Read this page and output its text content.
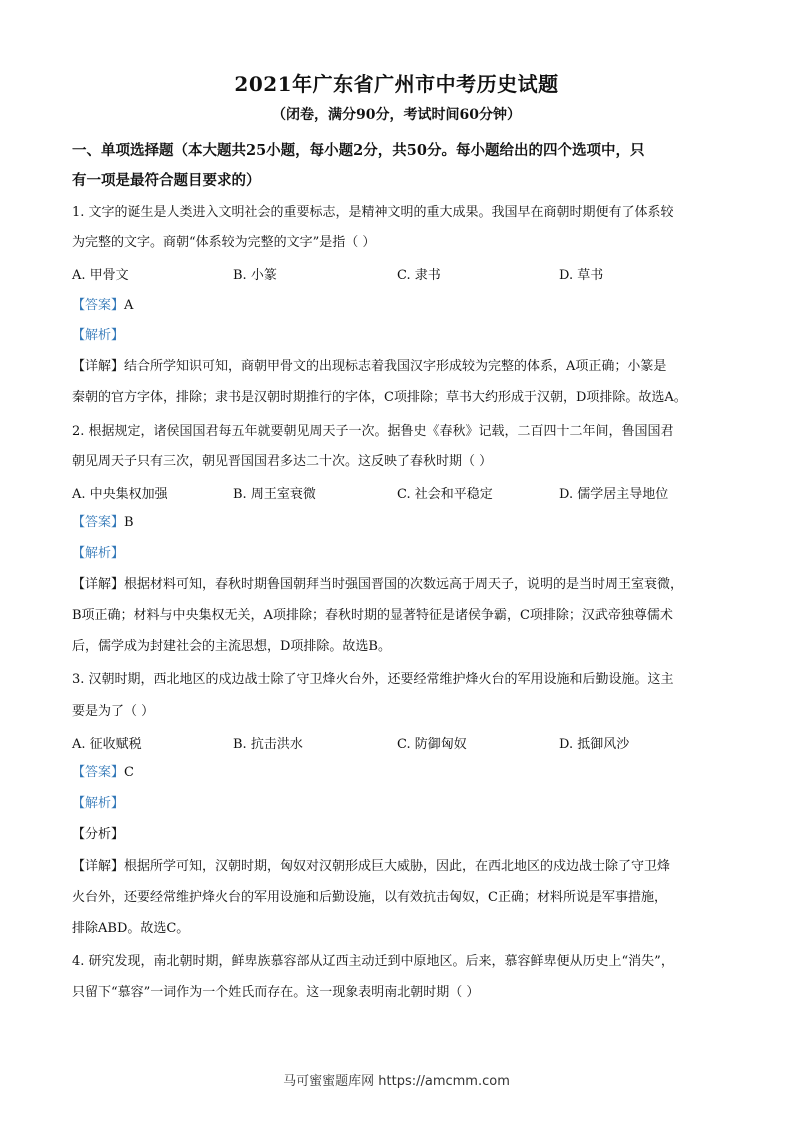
2021年广东省广州市中考历史试题
（闭卷，满分90分，考试时间60分钟）
一、单项选择题（本大题共25小题，每小题2分，共50分。每小题给出的四个选项中，只
有一项是最符合题目要求的）
1. 文字的诞生是人类进入文明社会的重要标志，是精神文明的重大成果。我国早在商朝时期便有了体系较
为完整的文字。商朝“体系较为完整的文字”是指（ ）
A. 甲骨文	B. 小篆	C. 隶书	D. 草书
【答案】A
【解析】
【详解】结合所学知识可知，商朝甲骨文的出现标志着我国汉字形成较为完整的体系，A项正确；小篆是
秦朝的官方字体，排除；隶书是汉朝时期推行的字体，C项排除；草书大约形成于汉朝，D项排除。故选A。
2. 根据规定，诸侯国国君每五年就要朝见周天子一次。据鲁史《春秋》记载，二百四十二年间，鲁国国君
朝见周天子只有三次，朝见晋国国君多达二十次。这反映了春秋时期（ ）
A. 中央集权加强	B. 周王室衰微	C. 社会和平稳定	D. 儒学居主导地位
【答案】B
【解析】
【详解】根据材料可知，春秋时期鲁国朝拜当时强国晋国的次数远高于周天子，说明的是当时周王室衰微，
B项正确；材料与中央集权无关，A项排除；春秋时期的显著特征是诸侯争霸，C项排除；汉武帝独尊儒术
后，儒学成为封建社会的主流思想，D项排除。故选B。
3. 汉朝时期，西北地区的戍边战士除了守卫烽火台外，还要经常维护烽火台的军用设施和后勤设施。这主
要是为了（ ）
A. 征收赋税	B. 抗击洪水	C. 防御匈奴	D. 抵御风沙
【答案】C
【解析】
【分析】
【详解】根据所学可知，汉朝时期，匈奴对汉朝形成巨大威胁，因此，在西北地区的戍边战士除了守卫烽
火台外，还要经常维护烽火台的军用设施和后勤设施，以有效抗击匈奴，C正确；材料所说是军事措施，
排除ABD。故选C。
4. 研究发现，南北朝时期，鲜卑族慕容部从辽西主动迁到中原地区。后来，慕容鲜卑便从历史上“消失”，
只留下“慕容”一词作为一个姓氏而存在。这一现象表明南北朝时期（ ）
马可蜜蜜题库网 https://amcmm.com
